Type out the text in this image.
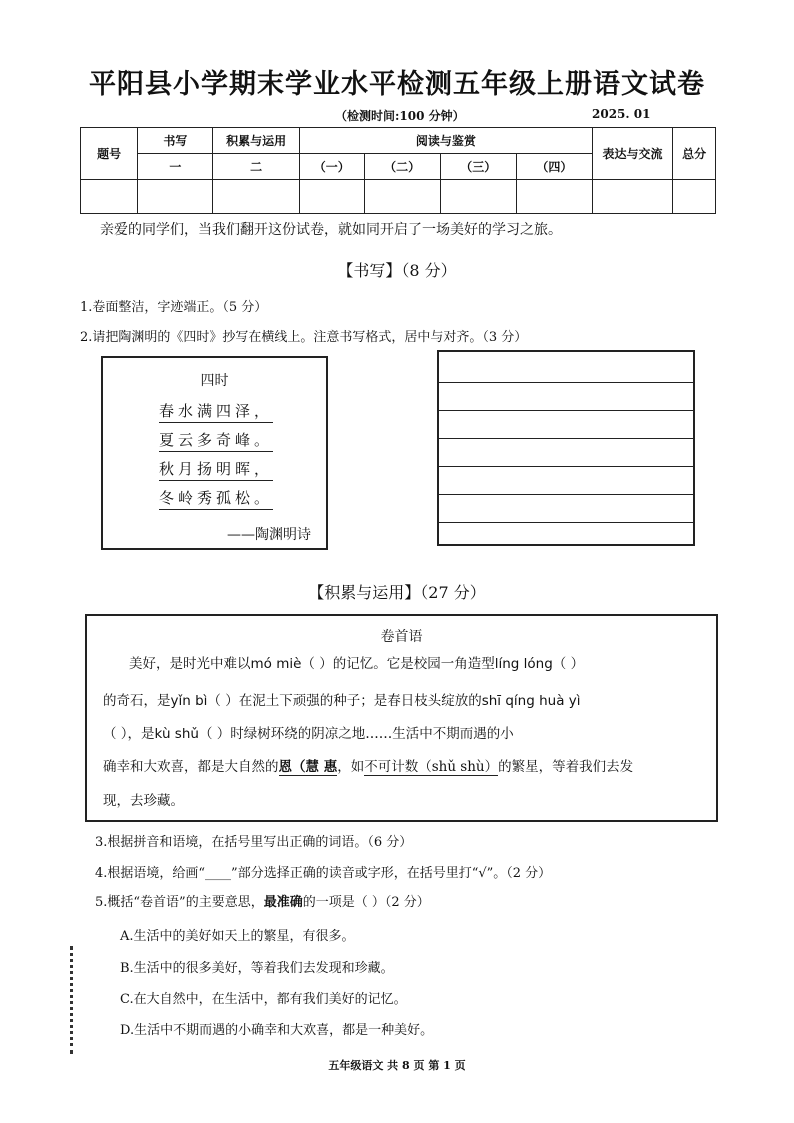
平阳县小学期末学业水平检测五年级上册语文试卷
（检测时间:100 分钟）	2025. 01
题号	书写	积累与运用	阅读与鉴赏				表达与交流	总分
	一	二	（一）	（二）	（三）	（四）		

亲爱的同学们，当我们翻开这份试卷，就如同开启了一场美好的学习之旅。
【书写】（8 分）
1.卷面整洁，字迹端正。（5 分）
2.请把陶渊明的《四时》抄写在横线上。注意书写格式，居中与对齐。（3 分）
四时
春水满四泽，
夏云多奇峰。
秋月扬明晖，
冬岭秀孤松。
——陶渊明诗
【积累与运用】（27 分）
卷首语
美好，是时光中难以mó miè（ ）的记忆。它是校园一角造型líng lóng（ ）
的奇石，是yǐn bì（ ）在泥土下顽强的种子；是春日枝头绽放的shī qíng huà yì
（ ），是kù shǔ（ ）时绿树环绕的阴凉之地……生活中不期而遇的小
确幸和大欢喜，都是大自然的恩（慧 惠，如不可计数（shǔ shù）的繁星，等着我们去发
现，去珍藏。
3.根据拼音和语境，在括号里写出正确的词语。（6 分）
4.根据语境，给画“____”部分选择正确的读音或字形，在括号里打“√”。（2 分）
5.概括“卷首语”的主要意思，最准确的一项是（ ）（2 分）
A.生活中的美好如天上的繁星，有很多。
B.生活中的很多美好，等着我们去发现和珍藏。
C.在大自然中，在生活中，都有我们美好的记忆。
D.生活中不期而遇的小确幸和大欢喜，都是一种美好。
五年级语文 共 8 页 第 1 页
